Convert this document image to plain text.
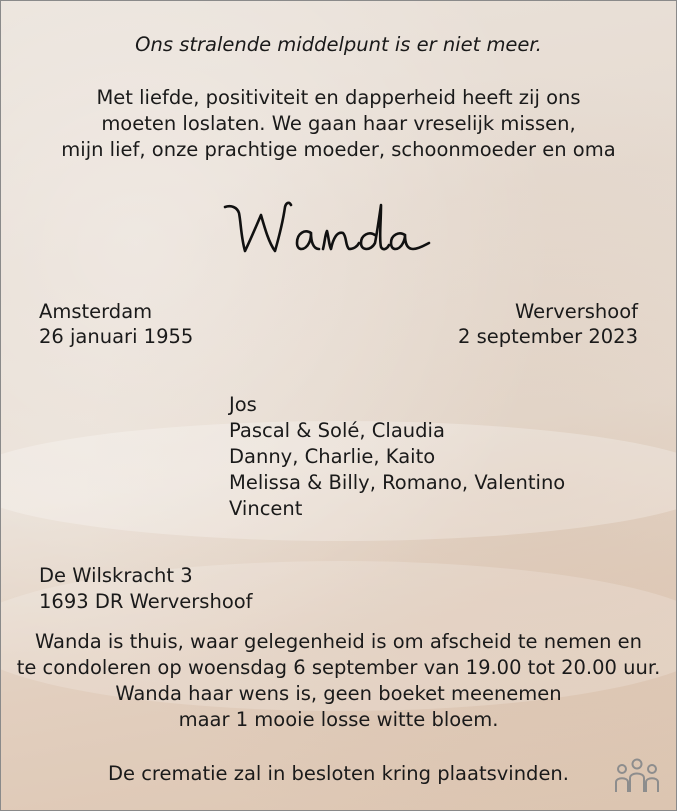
Ons stralende middelpunt is er niet meer.
Met liefde, positiviteit en dapperheid heeft zij ons
moeten loslaten. We gaan haar vreselijk missen,
mijn lief, onze prachtige moeder, schoonmoeder en oma
Amsterdam
26 januari 1955
Wervershoof
2 september 2023
Jos
Pascal & Solé, Claudia
Danny, Charlie, Kaito
Melissa & Billy, Romano, Valentino
Vincent
De Wilskracht 3
1693 DR Wervershoof
Wanda is thuis, waar gelegenheid is om afscheid te nemen en
te condoleren op woensdag 6 september van 19.00 tot 20.00 uur.
Wanda haar wens is, geen boeket meenemen
maar 1 mooie losse witte bloem.
De crematie zal in besloten kring plaatsvinden.
